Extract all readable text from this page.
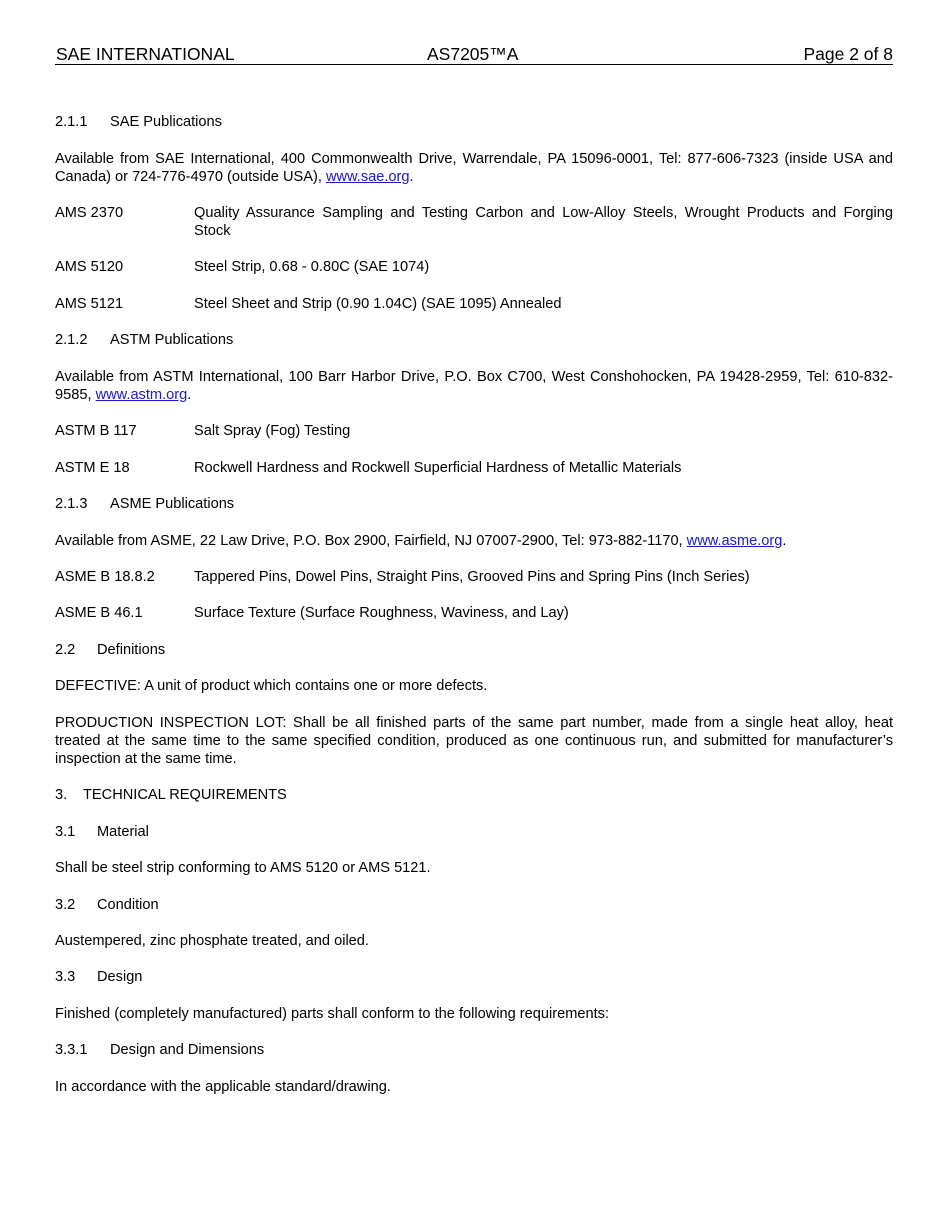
SAE INTERNATIONAL	AS7205™A	Page 2 of 8
2.1.1 SAE Publications
Available from SAE International, 400 Commonwealth Drive, Warrendale, PA 15096-0001, Tel: 877-606-7323 (inside USA and Canada) or 724-776-4970 (outside USA), www.sae.org.
AMS 2370	Quality Assurance Sampling and Testing Carbon and Low-Alloy Steels, Wrought Products and Forging Stock
AMS 5120	Steel Strip, 0.68 - 0.80C (SAE 1074)
AMS 5121	Steel Sheet and Strip (0.90 1.04C) (SAE 1095) Annealed
2.1.2 ASTM Publications
Available from ASTM International, 100 Barr Harbor Drive, P.O. Box C700, West Conshohocken, PA 19428-2959, Tel: 610-832-9585, www.astm.org.
ASTM B 117	Salt Spray (Fog) Testing
ASTM E 18	Rockwell Hardness and Rockwell Superficial Hardness of Metallic Materials
2.1.3 ASME Publications
Available from ASME, 22 Law Drive, P.O. Box 2900, Fairfield, NJ 07007-2900, Tel: 973-882-1170, www.asme.org.
ASME B 18.8.2	Tappered Pins, Dowel Pins, Straight Pins, Grooved Pins and Spring Pins (Inch Series)
ASME B 46.1	Surface Texture (Surface Roughness, Waviness, and Lay)
2.2 Definitions
DEFECTIVE: A unit of product which contains one or more defects.
PRODUCTION INSPECTION LOT: Shall be all finished parts of the same part number, made from a single heat alloy, heat treated at the same time to the same specified condition, produced as one continuous run, and submitted for manufacturer’s inspection at the same time.
3. TECHNICAL REQUIREMENTS
3.1 Material
Shall be steel strip conforming to AMS 5120 or AMS 5121.
3.2 Condition
Austempered, zinc phosphate treated, and oiled.
3.3 Design
Finished (completely manufactured) parts shall conform to the following requirements:
3.3.1 Design and Dimensions
In accordance with the applicable standard/drawing.
